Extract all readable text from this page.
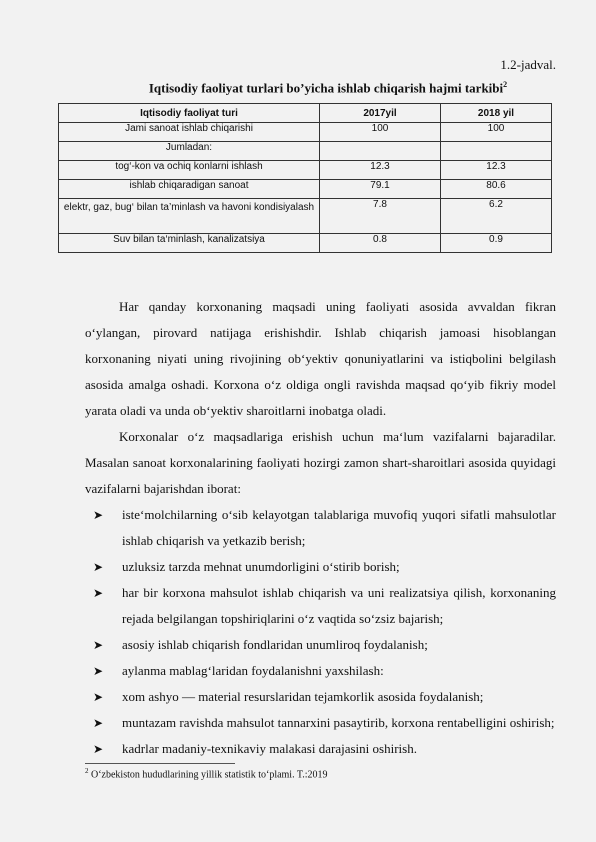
1.2-jadval.
Iqtisodiy faoliyat turlari bo’yicha ishlab chiqarish hajmi tarkibi$^2$
Iqtisodiy faoliyat turi	2017yil	2018 yil
Jami sanoat ishlab chiqarishi	100	100
Jumladan:		
tog‘-kon va ochiq konlarni ishlash	12.3	12.3
ishlab chiqaradigan sanoat	79.1	80.6
elektr, gaz, bug‘ bilan ta’minlash va havoni kondisiyalash	7.8	6.2
Suv bilan ta‘minlash, kanalizatsiya	0.8	0.9

Har qanday korxonaning maqsadi uning faoliyati asosida avvaldan fikran o‘ylangan, pirovard natijaga erishishdir. Ishlab chiqarish jamoasi hisoblangan korxonaning niyati uning rivojining ob‘yektiv qonuniyatlarini va istiqbolini belgilash asosida amalga oshadi. Korxona o‘z oldiga ongli ravishda maqsad qo‘yib fikriy model yarata oladi va unda ob‘yektiv sharoitlarni inobatga oladi.

Korxonalar o‘z maqsadlariga erishish uchun ma‘lum vazifalarni bajaradilar. Masalan sanoat korxonalarining faoliyati hozirgi zamon shart-sharoitlari asosida quyidagi vazifalarni bajarishdan iborat:

➤ iste‘molchilarning o‘sib kelayotgan talablariga muvofiq yuqori sifatli mahsulotlar ishlab chiqarish va yetkazib berish;
➤ uzluksiz tarzda mehnat unumdorligini o‘stirib borish;
➤ har bir korxona mahsulot ishlab chiqarish va uni realizatsiya qilish, korxonaning rejada belgilangan topshiriqlarini o‘z vaqtida so‘zsiz bajarish;
➤ asosiy ishlab chiqarish fondlaridan unumliroq foydalanish;
➤ aylanma mablag‘laridan foydalanishni yaxshilash:
➤ xom ashyo — material resurslaridan tejamkorlik asosida foydalanish;
➤ muntazam ravishda mahsulot tannarxini pasaytirib, korxona rentabelligini oshirish;
➤ kadrlar madaniy-texnikaviy malakasi darajasini oshirish.
$^2$ O‘zbekiston hududlarining yillik statistik to‘plami. T.:2019
